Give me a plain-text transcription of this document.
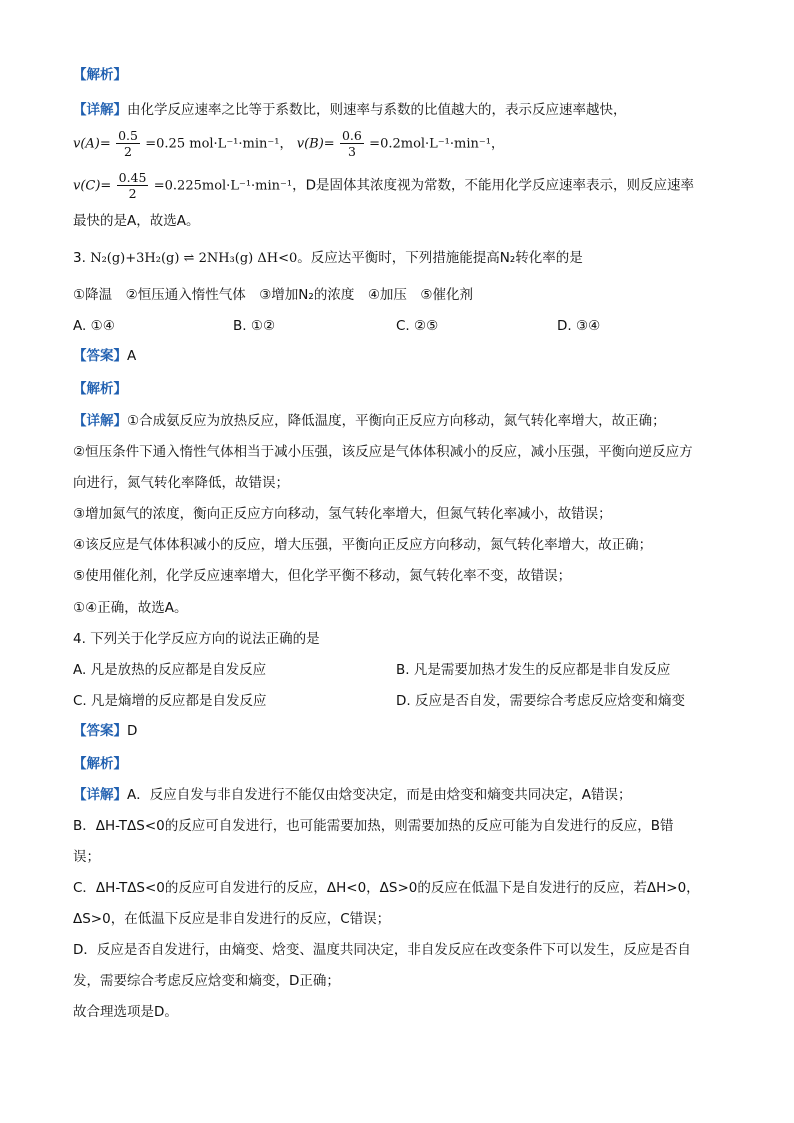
【解析】
【详解】由化学反应速率之比等于系数比，则速率与系数的比值越大的，表示反应速率越快，
$v(A)= \frac{0.5}{2} =0.25$ mol·L⁻¹·min⁻¹， $v(B)= \frac{0.6}{3} =0.2mol\cdot L^{-1}\cdot\min^{-1}$，
$v(C)= \frac{0.45}{2} =0.225mol\cdot L^{-1}\cdot\min^{-1}$，D是固体其浓度视为常数，不能用化学反应速率表示，则反应速率
最快的是A，故选A。
3. N₂(g)+3H₂(g) ⇌ 2NH₃(g) ΔH<0。反应达平衡时，下列措施能提高N₂转化率的是
①降温　②恒压通入惰性气体　③增加N₂的浓度　④加压　⑤催化剂
A. ①④	B. ①②	C. ②⑤	D. ③④
【答案】A
【解析】
【详解】①合成氨反应为放热反应，降低温度，平衡向正反应方向移动，氮气转化率增大，故正确；
②恒压条件下通入惰性气体相当于减小压强，该反应是气体体积减小的反应，减小压强，平衡向逆反应方
向进行，氮气转化率降低，故错误；
③增加氮气的浓度，衡向正反应方向移动，氢气转化率增大，但氮气转化率减小，故错误；
④该反应是气体体积减小的反应，增大压强，平衡向正反应方向移动，氮气转化率增大，故正确；
⑤使用催化剂，化学反应速率增大，但化学平衡不移动，氮气转化率不变，故错误；
①④正确，故选A。
4. 下列关于化学反应方向的说法正确的是
A. 凡是放热的反应都是自发反应	B. 凡是需要加热才发生的反应都是非自发反应
C. 凡是熵增的反应都是自发反应	D. 反应是否自发，需要综合考虑反应焓变和熵变
【答案】D
【解析】
【详解】A．反应自发与非自发进行不能仅由焓变决定，而是由焓变和熵变共同决定，A错误；
B．ΔH-TΔS<0的反应可自发进行，也可能需要加热，则需要加热的反应可能为自发进行的反应，B错
误；
C．ΔH-TΔS<0的反应可自发进行的反应，ΔH<0，ΔS>0的反应在低温下是自发进行的反应，若ΔH>0，
ΔS>0，在低温下反应是非自发进行的反应，C错误；
D．反应是否自发进行，由熵变、焓变、温度共同决定，非自发反应在改变条件下可以发生，反应是否自
发，需要综合考虑反应焓变和熵变，D正确；
故合理选项是D。
